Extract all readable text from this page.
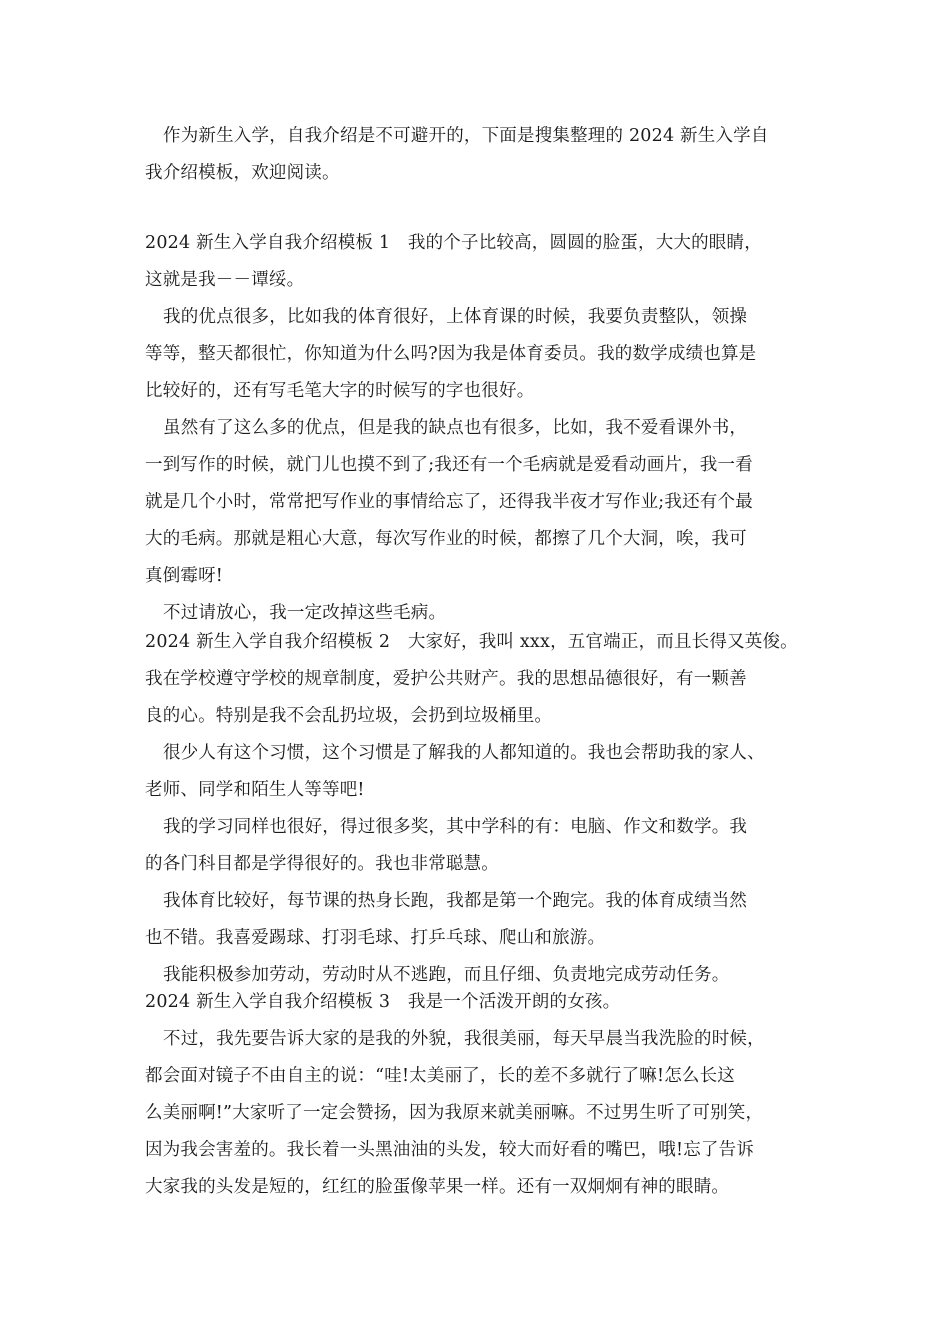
作为新生入学，自我介绍是不可避开的，下面是搜集整理的 2024 新生入学自
我介绍模板，欢迎阅读。
2024 新生入学自我介绍模板 1　我的个子比较高，圆圆的脸蛋，大大的眼睛，
这就是我－－谭绥。
我的优点很多，比如我的体育很好，上体育课的时候，我要负责整队，领操
等等，整天都很忙，你知道为什么吗?因为我是体育委员。我的数学成绩也算是
比较好的，还有写毛笔大字的时候写的字也很好。
虽然有了这么多的优点，但是我的缺点也有很多，比如，我不爱看课外书，
一到写作的时候，就门儿也摸不到了;我还有一个毛病就是爱看动画片，我一看
就是几个小时，常常把写作业的事情给忘了，还得我半夜才写作业;我还有个最
大的毛病。那就是粗心大意，每次写作业的时候，都擦了几个大洞，唉，我可
真倒霉呀!
不过请放心，我一定改掉这些毛病。
2024 新生入学自我介绍模板 2　大家好，我叫 xxx，五官端正，而且长得又英俊。
我在学校遵守学校的规章制度，爱护公共财产。我的思想品德很好，有一颗善
良的心。特别是我不会乱扔垃圾，会扔到垃圾桶里。
很少人有这个习惯，这个习惯是了解我的人都知道的。我也会帮助我的家人、
老师、同学和陌生人等等吧!
我的学习同样也很好，得过很多奖，其中学科的有：电脑、作文和数学。我
的各门科目都是学得很好的。我也非常聪慧。
我体育比较好，每节课的热身长跑，我都是第一个跑完。我的体育成绩当然
也不错。我喜爱踢球、打羽毛球、打乒乓球、爬山和旅游。
我能积极参加劳动，劳动时从不逃跑，而且仔细、负责地完成劳动任务。
2024 新生入学自我介绍模板 3　我是一个活泼开朗的女孩。
不过，我先要告诉大家的是我的外貌，我很美丽，每天早晨当我洗脸的时候，
都会面对镜子不由自主的说：“哇!太美丽了，长的差不多就行了嘛!怎么长这
么美丽啊!”大家听了一定会赞扬，因为我原来就美丽嘛。不过男生听了可别笑，
因为我会害羞的。我长着一头黑油油的头发，较大而好看的嘴巴，哦!忘了告诉
大家我的头发是短的，红红的脸蛋像苹果一样。还有一双炯炯有神的眼睛。
